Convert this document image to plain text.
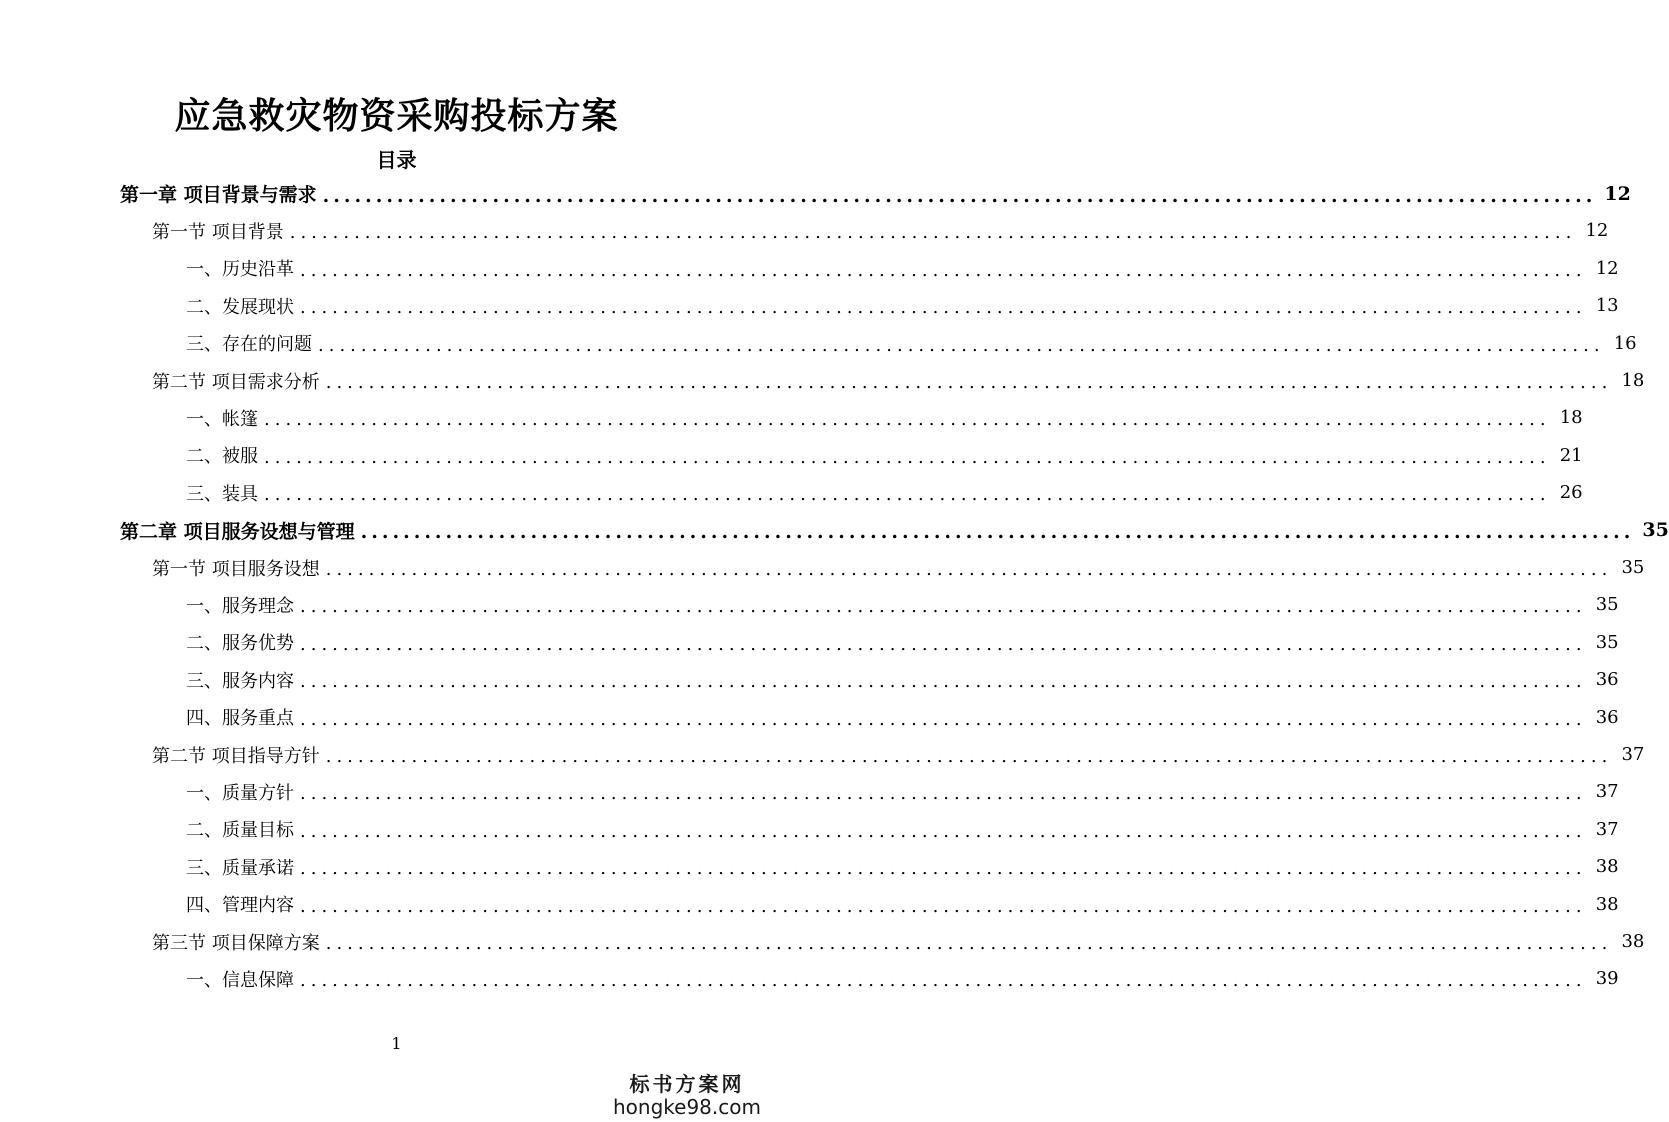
应急救灾物资采购投标方案
目录
第一章 项目背景与需求 ........................................................................................................................ 12
第一节 项目背景 ........................................................................................................................ 12
一、历史沿革 ........................................................................................................................ 12
二、发展现状 ........................................................................................................................ 13
三、存在的问题 ........................................................................................................................ 16
第二节 项目需求分析 ........................................................................................................................ 18
一、帐篷 ........................................................................................................................ 18
二、被服 ........................................................................................................................ 21
三、装具 ........................................................................................................................ 26
第二章 项目服务设想与管理 ........................................................................................................................ 35
第一节 项目服务设想 ........................................................................................................................ 35
一、服务理念 ........................................................................................................................ 35
二、服务优势 ........................................................................................................................ 35
三、服务内容 ........................................................................................................................ 36
四、服务重点 ........................................................................................................................ 36
第二节 项目指导方针 ........................................................................................................................ 37
一、质量方针 ........................................................................................................................ 37
二、质量目标 ........................................................................................................................ 37
三、质量承诺 ........................................................................................................................ 38
四、管理内容 ........................................................................................................................ 38
第三节 项目保障方案 ........................................................................................................................ 38
一、信息保障 ........................................................................................................................ 39
1
标书方案网
hongke98.com
